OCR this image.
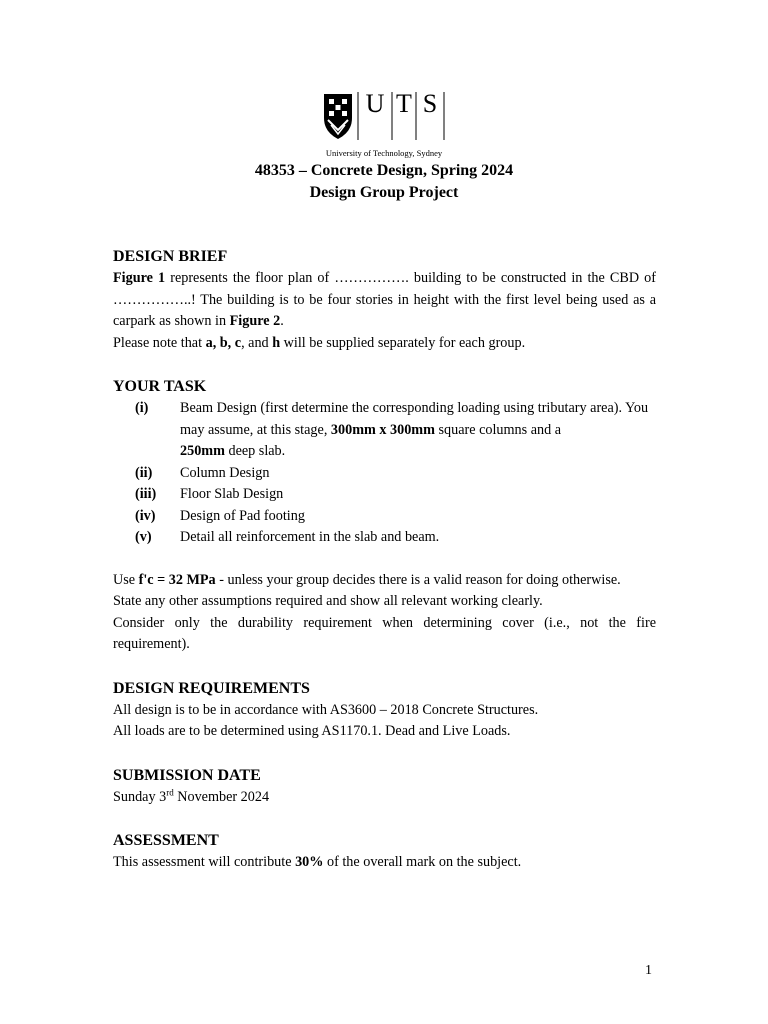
U T S
University of Technology, Sydney
48353 – Concrete Design, Spring 2024
Design Group Project
DESIGN BRIEF

Figure 1 represents the floor plan of ……………. building to be constructed in the CBD of ……………..! The building is to be four stories in height with the first level being used as a carpark as shown in Figure 2.

Please note that a, b, c, and h will be supplied separately for each group.

YOUR TASK
(i)	Beam Design (first determine the corresponding loading using tributary area). You may assume, at this stage, 300mm x 300mm square columns and a
250mm deep slab.
(ii)	Column Design
(iii)	Floor Slab Design
(iv)	Design of Pad footing
(v)	Detail all reinforcement in the slab and beam.

Use f'c = 32 MPa - unless your group decides there is a valid reason for doing otherwise.

State any other assumptions required and show all relevant working clearly.

Consider only the durability requirement when determining cover (i.e., not the fire requirement).

DESIGN REQUIREMENTS

All design is to be in accordance with AS3600 – 2018 Concrete Structures.

All loads are to be determined using AS1170.1. Dead and Live Loads.

SUBMISSION DATE

Sunday 3rd November 2024

ASSESSMENT

This assessment will contribute 30% of the overall mark on the subject.

1
